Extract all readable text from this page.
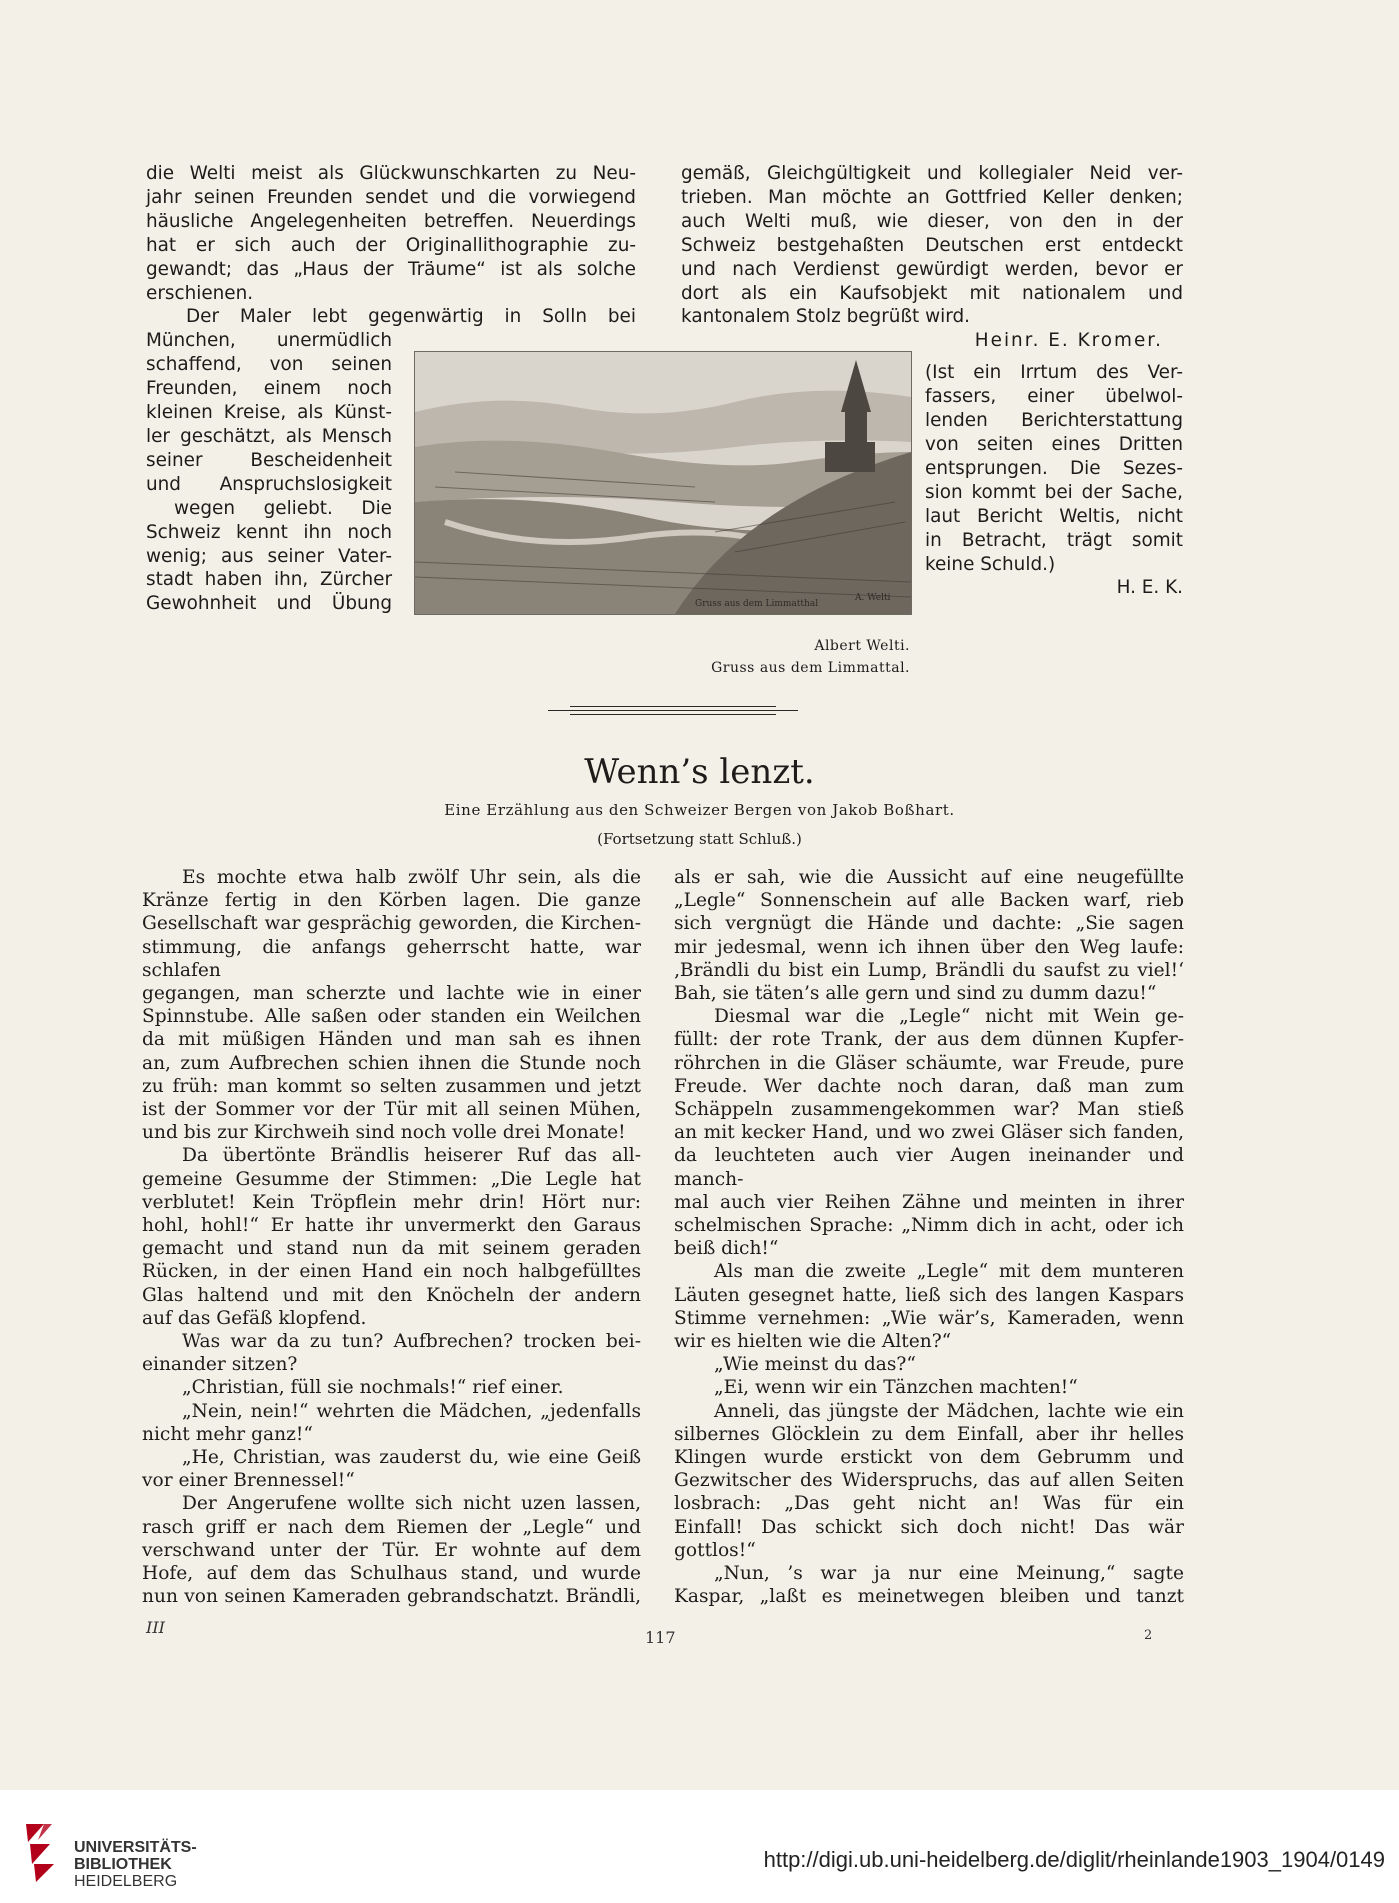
die Welti meist als Glückwunschkarten zu Neu-
jahr seinen Freunden sendet und die vorwiegend
häusliche Angelegenheiten betreffen. Neuerdings
hat er sich auch der Originallithographie zu-
gewandt; das „Haus der Träume“ ist als solche
erschienen.
Der Maler lebt gegenwärtig in Solln bei
München, unermüdlich
schaffend, von seinen
Freunden, einem noch
kleinen Kreise, als Künst-
ler geschätzt, als Mensch
seiner Bescheidenheit
und Anspruchslosigkeit
wegen geliebt. Die
Schweiz kennt ihn noch
wenig; aus seiner Vater-
stadt haben ihn, Zürcher
Gewohnheit und Übung
gemäß, Gleichgültigkeit und kollegialer Neid ver-
trieben. Man möchte an Gottfried Keller denken;
auch Welti muß, wie dieser, von den in der
Schweiz bestgehaßten Deutschen erst entdeckt
und nach Verdienst gewürdigt werden, bevor er
dort als ein Kaufsobjekt mit nationalem und
kantonalem Stolz begrüßt wird.
Heinr. E. Kromer.
(Ist ein Irrtum des Ver-
fassers, einer übelwol-
lenden Berichterstattung
von seiten eines Dritten
entsprungen. Die Sezes-
sion kommt bei der Sache,
laut Bericht Weltis, nicht
in Betracht, trägt somit
keine Schuld.)
H. E. K.
Gruss aus dem Limmatthal
A. Welti
Albert Welti.
Gruss aus dem Limmattal.
Wenn’s lenzt.
Eine Erzählung aus den Schweizer Bergen von Jakob Boßhart.
(Fortsetzung statt Schluß.)
Es mochte etwa halb zwölf Uhr sein, als die
Kränze fertig in den Körben lagen. Die ganze
Gesellschaft war gesprächig geworden, die Kirchen-
stimmung, die anfangs geherrscht hatte, war schlafen
gegangen, man scherzte und lachte wie in einer
Spinnstube. Alle saßen oder standen ein Weilchen
da mit müßigen Händen und man sah es ihnen
an, zum Aufbrechen schien ihnen die Stunde noch
zu früh: man kommt so selten zusammen und jetzt
ist der Sommer vor der Tür mit all seinen Mühen,
und bis zur Kirchweih sind noch volle drei Monate!
Da übertönte Brändlis heiserer Ruf das all-
gemeine Gesumme der Stimmen: „Die Legle hat
verblutet! Kein Tröpflein mehr drin! Hört nur:
hohl, hohl!“ Er hatte ihr unvermerkt den Garaus
gemacht und stand nun da mit seinem geraden
Rücken, in der einen Hand ein noch halbgefülltes
Glas haltend und mit den Knöcheln der andern
auf das Gefäß klopfend.
Was war da zu tun? Aufbrechen? trocken bei-
einander sitzen?
„Christian, füll sie nochmals!“ rief einer.
„Nein, nein!“ wehrten die Mädchen, „jedenfalls
nicht mehr ganz!“
„He, Christian, was zauderst du, wie eine Geiß
vor einer Brennessel!“
Der Angerufene wollte sich nicht uzen lassen,
rasch griff er nach dem Riemen der „Legle“ und
verschwand unter der Tür. Er wohnte auf dem
Hofe, auf dem das Schulhaus stand, und wurde
nun von seinen Kameraden gebrandschatzt. Brändli,
als er sah, wie die Aussicht auf eine neugefüllte
„Legle“ Sonnenschein auf alle Backen warf, rieb
sich vergnügt die Hände und dachte: „Sie sagen
mir jedesmal, wenn ich ihnen über den Weg laufe:
‚Brändli du bist ein Lump, Brändli du saufst zu viel!‘
Bah, sie täten’s alle gern und sind zu dumm dazu!“
Diesmal war die „Legle“ nicht mit Wein ge-
füllt: der rote Trank, der aus dem dünnen Kupfer-
röhrchen in die Gläser schäumte, war Freude, pure
Freude. Wer dachte noch daran, daß man zum
Schäppeln zusammengekommen war? Man stieß
an mit kecker Hand, und wo zwei Gläser sich fanden,
da leuchteten auch vier Augen ineinander und manch-
mal auch vier Reihen Zähne und meinten in ihrer
schelmischen Sprache: „Nimm dich in acht, oder ich
beiß dich!“
Als man die zweite „Legle“ mit dem munteren
Läuten gesegnet hatte, ließ sich des langen Kaspars
Stimme vernehmen: „Wie wär’s, Kameraden, wenn
wir es hielten wie die Alten?“
„Wie meinst du das?“
„Ei, wenn wir ein Tänzchen machten!“
Anneli, das jüngste der Mädchen, lachte wie ein
silbernes Glöcklein zu dem Einfall, aber ihr helles
Klingen wurde erstickt von dem Gebrumm und
Gezwitscher des Widerspruchs, das auf allen Seiten
losbrach: „Das geht nicht an! Was für ein
Einfall! Das schickt sich doch nicht! Das wär
gottlos!“
„Nun, ’s war ja nur eine Meinung,“ sagte
Kaspar, „laßt es meinetwegen bleiben und tanzt
III
117	2
UNIVERSITÄTS-
BIBLIOTHEK
HEIDELBERG
http://digi.ub.uni-heidelberg.de/diglit/rheinlande1903_1904/0149
